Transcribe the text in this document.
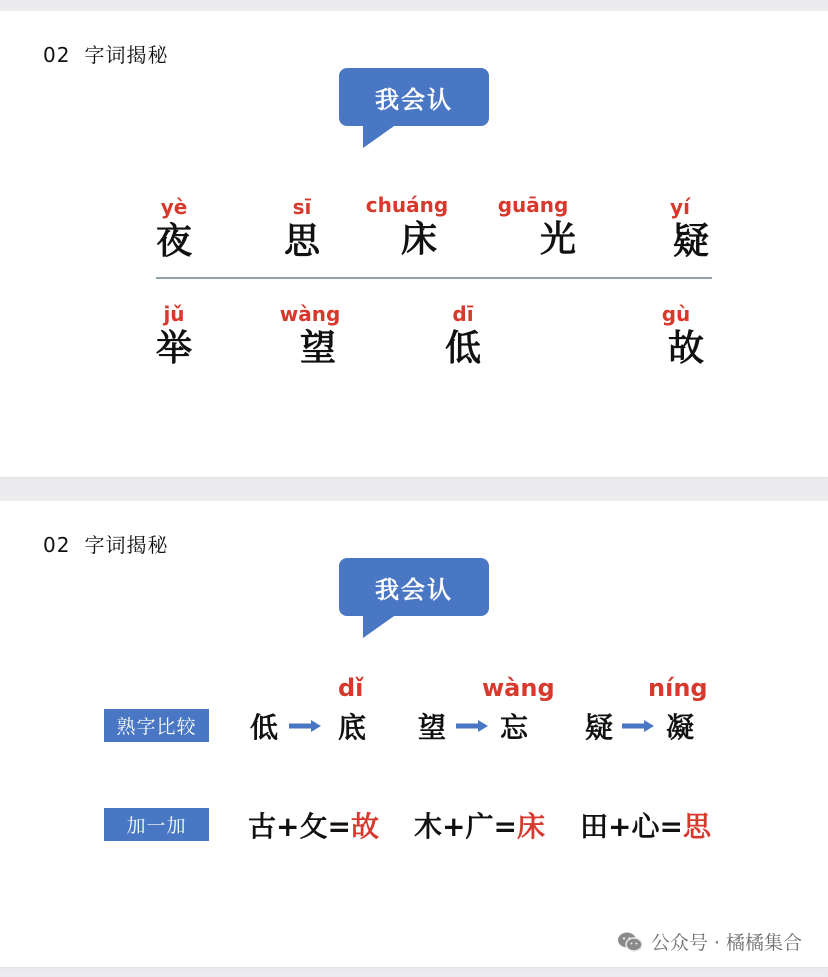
02 字词揭秘
我会认
yè
夜
sī
思
chuáng
床
guāng
光
yí
疑
jǔ
举
wàng
望
dī
低
gù
故
02 字词揭秘
我会认
熟字比较	低
dǐ
底 望
wàng
忘 疑
níng
凝
加一加	古+攵=故 木+广=床 田+心=思
公众号 · 橘橘集合
